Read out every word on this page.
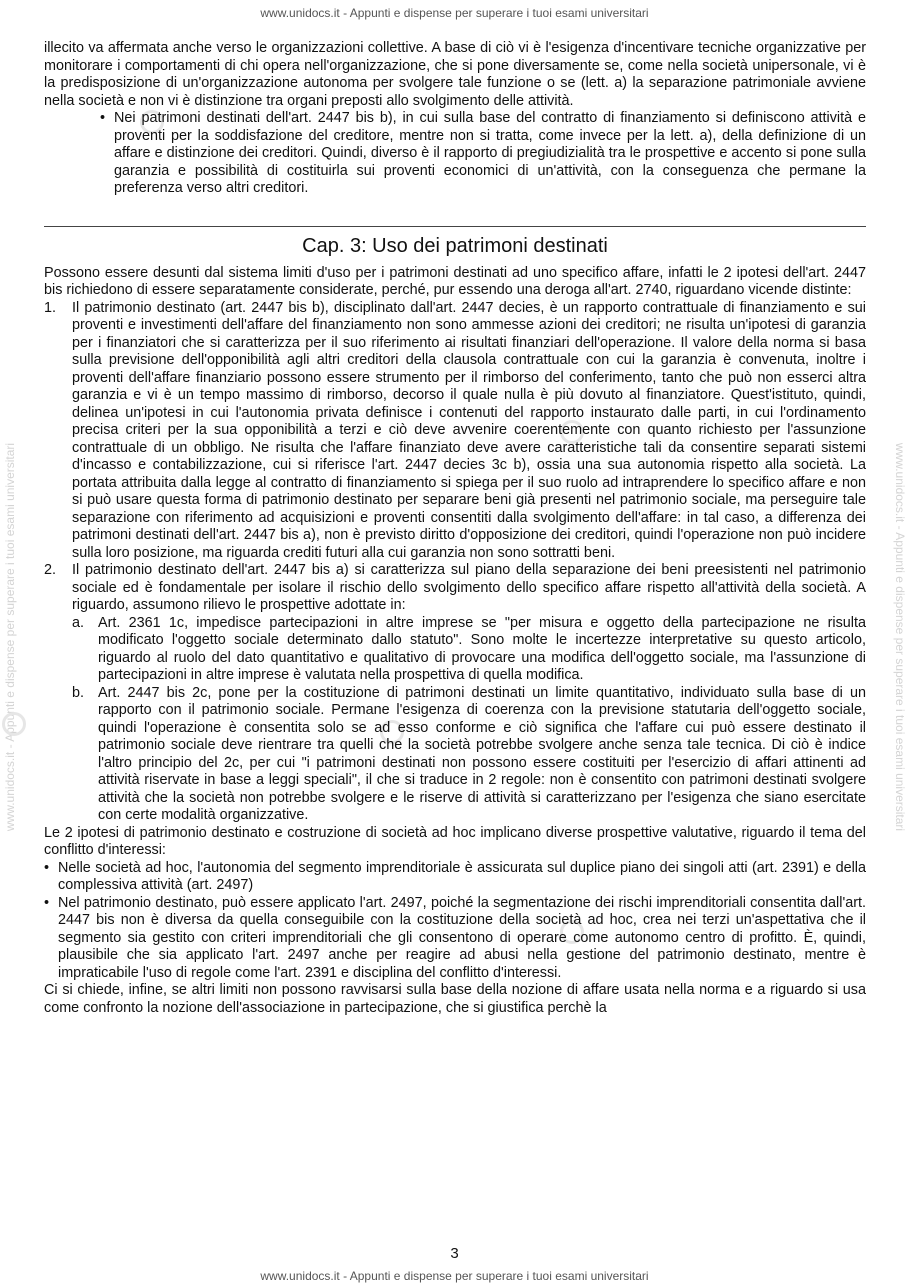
www.unidocs.it - Appunti e dispense per superare i tuoi esami universitari
www.unidocs.it - Appunti e dispense per superare i tuoi esami universitari	www.unidocs.it - Appunti e dispense per superare i tuoi esami universitari

illecito va affermata anche verso le organizzazioni collettive. A base di ciò vi è l'esigenza d'incentivare tecniche organizzative per monitorare i comportamenti di chi opera nell'organizzazione, che si pone diversamente se, come nella società unipersonale, vi è la predisposizione di un'organizzazione autonoma per svolgere tale funzione o se (lett. a) la separazione patrimoniale avviene nella società e non vi è distinzione tra organi preposti allo svolgimento delle attività.

• Nei patrimoni destinati dell'art. 2447 bis b), in cui sulla base del contratto di finanziamento si definiscono attività e proventi per la soddisfazione del creditore, mentre non si tratta, come invece per la lett. a), della definizione di un affare e distinzione dei creditori. Quindi, diverso è il rapporto di pregiudizialità tra le prospettive e accento si pone sulla garanzia e possibilità di costituirla sui proventi economici di un'attività, con la conseguenza che permane la preferenza verso altri creditori.

Cap. 3: Uso dei patrimoni destinati

Possono essere desunti dal sistema limiti d'uso per i patrimoni destinati ad uno specifico affare, infatti le 2 ipotesi dell'art. 2447 bis richiedono di essere separatamente considerate, perché, pur essendo una deroga all'art. 2740, riguardano vicende distinte:

1. Il patrimonio destinato (art. 2447 bis b), disciplinato dall'art. 2447 decies, è un rapporto contrattuale di finanziamento e sui proventi e investimenti dell'affare del finanziamento non sono ammesse azioni dei creditori; ne risulta un'ipotesi di garanzia per i finanziatori che si caratterizza per il suo riferimento ai risultati finanziari dell'operazione. Il valore della norma si basa sulla previsione dell'opponibilità agli altri creditori della clausola contrattuale con cui la garanzia è convenuta, inoltre i proventi dell'affare finanziario possono essere strumento per il rimborso del conferimento, tanto che può non esserci altra garanzia e vi è un tempo massimo di rimborso, decorso il quale nulla è più dovuto al finanziatore. Quest'istituto, quindi, delinea un'ipotesi in cui l'autonomia privata definisce i contenuti del rapporto instaurato dalle parti, in cui l'ordinamento precisa criteri per la sua opponibilità a terzi e ciò deve avvenire coerentemente con quanto richiesto per l'assunzione contrattuale di un obbligo. Ne risulta che l'affare finanziato deve avere caratteristiche tali da consentire separati sistemi d'incasso e contabilizzazione, cui si riferisce l'art. 2447 decies 3c b), ossia una sua autonomia rispetto alla società. La portata attribuita dalla legge al contratto di finanziamento si spiega per il suo ruolo ad intraprendere lo specifico affare e non si può usare questa forma di patrimonio destinato per separare beni già presenti nel patrimonio sociale, ma perseguire tale separazione con riferimento ad acquisizioni e proventi consentiti dalla svolgimento dell'affare: in tal caso, a differenza dei patrimoni destinati dell'art. 2447 bis a), non è previsto diritto d'opposizione dei creditori, quindi l'operazione non può incidere sulla loro posizione, ma riguarda crediti futuri alla cui garanzia non sono sottratti beni.

2. Il patrimonio destinato dell'art. 2447 bis a) si caratterizza sul piano della separazione dei beni preesistenti nel patrimonio sociale ed è fondamentale per isolare il rischio dello svolgimento dello specifico affare rispetto all'attività della società. A riguardo, assumono rilievo le prospettive adottate in:

a. Art. 2361 1c, impedisce partecipazioni in altre imprese se "per misura e oggetto della partecipazione ne risulta modificato l'oggetto sociale determinato dallo statuto". Sono molte le incertezze interpretative su questo articolo, riguardo al ruolo del dato quantitativo e qualitativo di provocare una modifica dell'oggetto sociale, ma l'assunzione di partecipazioni in altre imprese è valutata nella prospettiva di quella modifica.

b. Art. 2447 bis 2c, pone per la costituzione di patrimoni destinati un limite quantitativo, individuato sulla base di un rapporto con il patrimonio sociale. Permane l'esigenza di coerenza con la previsione statutaria dell'oggetto sociale, quindi l'operazione è consentita solo se ad esso conforme e ciò significa che l'affare cui può essere destinato il patrimonio sociale deve rientrare tra quelli che la società potrebbe svolgere anche senza tale tecnica. Di ciò è indice l'altro principio del 2c, per cui "i patrimoni destinati non possono essere costituiti per l'esercizio di affari attinenti ad attività riservate in base a leggi speciali", il che si traduce in 2 regole: non è consentito con patrimoni destinati svolgere attività che la società non potrebbe svolgere e le riserve di attività si caratterizzano per l'esigenza che siano esercitate con certe modalità organizzative.

Le 2 ipotesi di patrimonio destinato e costruzione di società ad hoc implicano diverse prospettive valutative, riguardo il tema del conflitto d'interessi:

• Nelle società ad hoc, l'autonomia del segmento imprenditoriale è assicurata sul duplice piano dei singoli atti (art. 2391) e della complessiva attività (art. 2497)

• Nel patrimonio destinato, può essere applicato l'art. 2497, poiché la segmentazione dei rischi imprenditoriali consentita dall'art. 2447 bis non è diversa da quella conseguibile con la costituzione della società ad hoc, crea nei terzi un'aspettativa che il segmento sia gestito con criteri imprenditoriali che gli consentono di operare come autonomo centro di profitto. È, quindi, plausibile che sia applicato l'art. 2497 anche per reagire ad abusi nella gestione del patrimonio destinato, mentre è impraticabile l'uso di regole come l'art. 2391 e disciplina del conflitto d'interessi.

Ci si chiede, infine, se altri limiti non possono ravvisarsi sulla base della nozione di affare usata nella norma e a riguardo si usa come confronto la nozione dell'associazione in partecipazione, che si giustifica perchè la

3
www.unidocs.it - Appunti e dispense per superare i tuoi esami universitari
